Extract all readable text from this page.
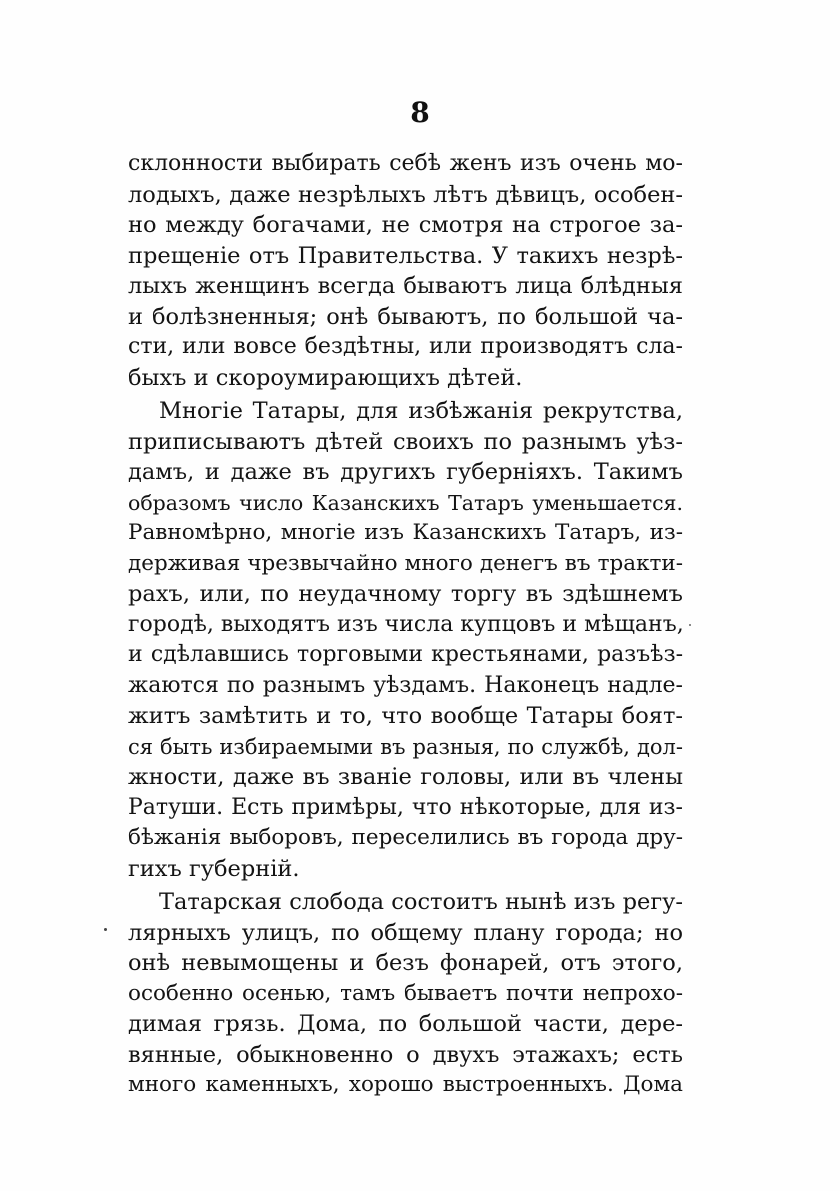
8
склонности выбирать себѣ женъ изъ очень мо-
лодыхъ, даже незрѣлыхъ лѣтъ дѣвицъ, особен-
но между богачами, не смотря на строгое за-
прещеніе отъ Правительства. У такихъ незрѣ-
лыхъ женщинъ всегда бываютъ лица блѣдныя
и болѣзненныя; онѣ бываютъ, по большой ча-
сти, или вовсе бездѣтны, или производятъ сла-
быхъ и скороумирающихъ дѣтей.
Многіе Татары, для избѣжанія рекрутства,
приписываютъ дѣтей своихъ по разнымъ уѣз-
дамъ, и даже въ другихъ губерніяхъ. Такимъ
образомъ число Казанскихъ Татаръ уменьшается.
Равномѣрно, многіе изъ Казанскихъ Татаръ, из-
держивая чрезвычайно много денегъ въ тракти-
рахъ, или, по неудачному торгу въ здѣшнемъ
городѣ, выходятъ изъ числа купцовъ и мѣщанъ,
и сдѣлавшись торговыми крестьянами, разъѣз-
жаются по разнымъ уѣздамъ. Наконецъ надле-
житъ замѣтить и то, что вообще Татары боят-
ся быть избираемыми въ разныя, по службѣ, дол-
жности, даже въ званіе головы, или въ члены
Ратуши. Есть примѣры, что нѣкоторые, для из-
бѣжанія выборовъ, переселились въ города дру-
гихъ губерній.
Татарская слобода состоитъ нынѣ изъ регу-
лярныхъ улицъ, по общему плану города; но
онѣ невымощены и безъ фонарей, отъ этого,
особенно осенью, тамъ бываетъ почти непрохо-
димая грязь. Дома, по большой части, дере-
вянные, обыкновенно о двухъ этажахъ; есть
много каменныхъ, хорошо выстроенныхъ. Дома
